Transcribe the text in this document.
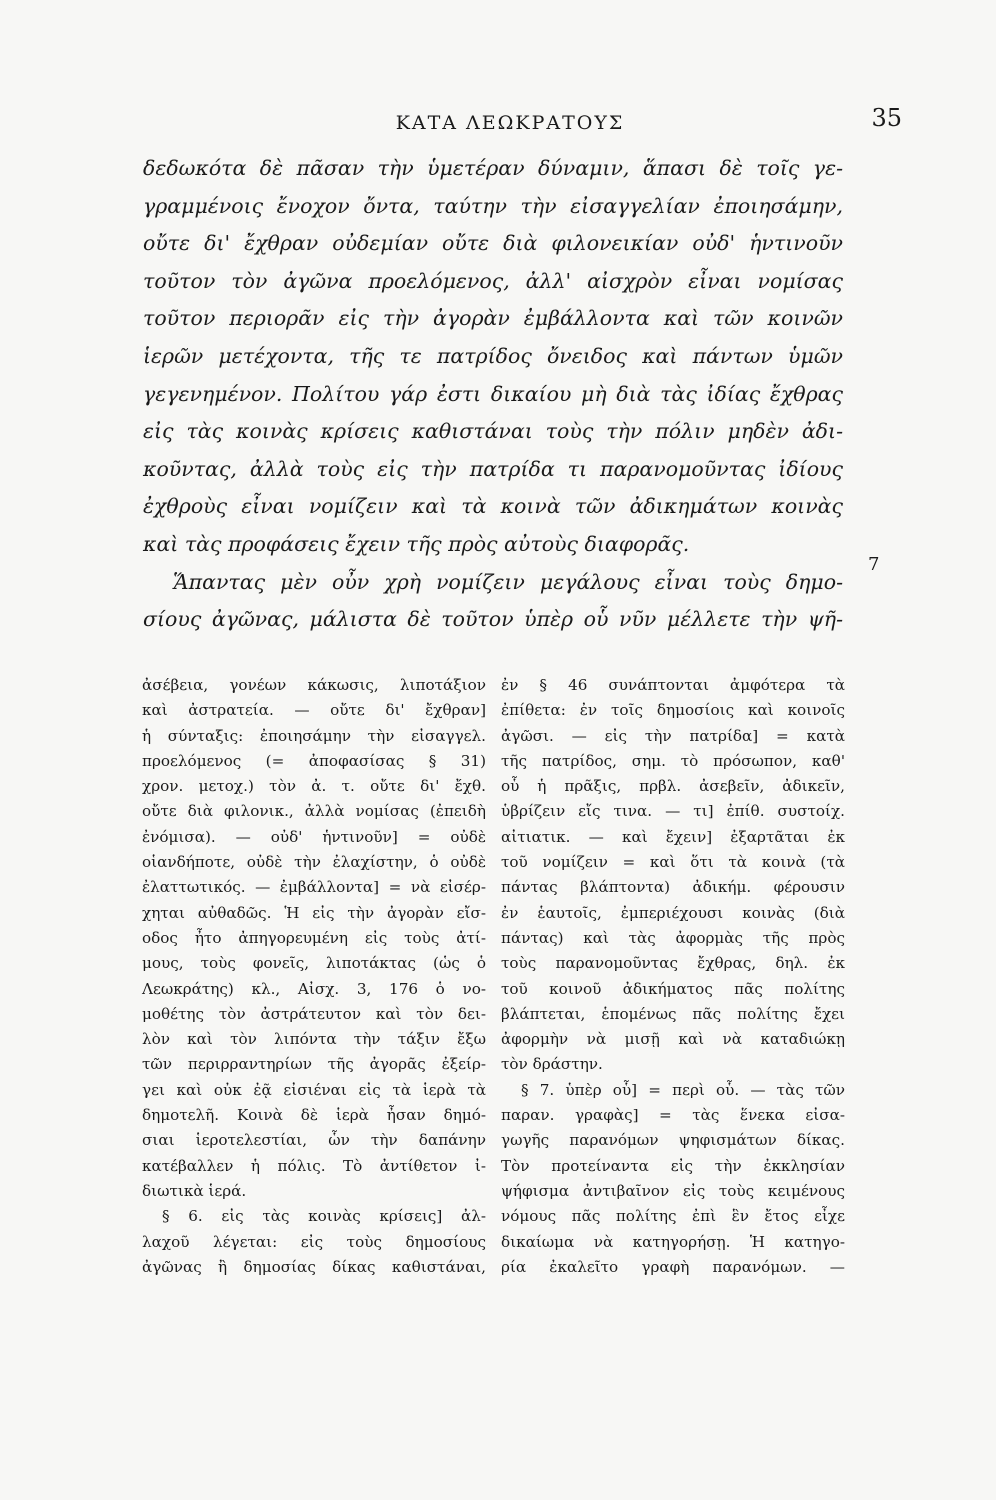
ΚΑΤΑ ΛΕΩΚΡΑΤΟΥΣ	35
δεδωκότα δὲ πᾶσαν τὴν ὑμετέραν δύναμιν, ἅπασι δὲ τοῖς γε-
γραμμένοις ἔνοχον ὄντα, ταύτην τὴν εἰσαγγελίαν ἐποιησάμην,
οὔτε δι' ἔχθραν οὐδεμίαν οὔτε διὰ φιλονεικίαν οὐδ' ἡντινοῦν
τοῦτον τὸν ἀγῶνα προελόμενος, ἀλλ' αἰσχρὸν εἶναι νομίσας
τοῦτον περιορᾶν εἰς τὴν ἀγορὰν ἐμβάλλοντα καὶ τῶν κοινῶν
ἱερῶν μετέχοντα, τῆς τε πατρίδος ὄνειδος καὶ πάντων ὑμῶν
γεγενημένον. Πολίτου γάρ ἐστι δικαίου μὴ διὰ τὰς ἰδίας ἔχθρας
εἰς τὰς κοινὰς κρίσεις καθιστάναι τοὺς τὴν πόλιν μηδὲν ἀδι-
κοῦντας, ἀλλὰ τοὺς εἰς τὴν πατρίδα τι παρανομοῦντας ἰδίους
ἐχθροὺς εἶναι νομίζειν καὶ τὰ κοινὰ τῶν ἀδικημάτων κοινὰς
καὶ τὰς προφάσεις ἔχειν τῆς πρὸς αὐτοὺς διαφορᾶς.
Ἅπαντας μὲν οὖν χρὴ νομίζειν μεγάλους εἶναι τοὺς δημο-
σίους ἀγῶνας, μάλιστα δὲ τοῦτον ὑπὲρ οὗ νῦν μέλλετε τὴν ψῆ-
7
ἀσέβεια, γονέων κάκωσις, λιποτάξιον
καὶ ἀστρατεία. — οὔτε δι' ἔχθραν]
ἡ σύνταξις: ἐποιησάμην τὴν εἰσαγγελ.
προελόμενος (= ἀποφασίσας § 31)
χρον. μετοχ.) τὸν ἀ. τ. οὔτε δι' ἔχθ.
οὔτε διὰ φιλονικ., ἀλλὰ νομίσας (ἐπειδὴ
ἐνόμισα). — οὐδ' ἡντινοῦν] = οὐδὲ
οἱανδήποτε, οὐδὲ τὴν ἐλαχίστην, ὁ οὐδὲ
ἐλαττωτικός. — ἐμβάλλοντα] = νὰ εἰσέρ-
χηται αὐθαδῶς. Ἡ εἰς τὴν ἀγορὰν εἴσ-
οδος ἦτο ἀπηγορευμένη εἰς τοὺς ἀτί-
μους, τοὺς φονεῖς, λιποτάκτας (ὡς ὁ
Λεωκράτης) κλ., Αἰσχ. 3, 176 ὁ νο-
μοθέτης τὸν ἀστράτευτον καὶ τὸν δει-
λὸν καὶ τὸν λιπόντα τὴν τάξιν ἔξω
τῶν περιρραντηρίων τῆς ἀγορᾶς ἐξείρ-
γει καὶ οὐκ ἐᾷ εἰσιέναι εἰς τὰ ἱερὰ τὰ
δημοτελῆ. Κοινὰ δὲ ἱερὰ ἦσαν δημό-
σιαι ἱεροτελεστίαι, ὧν τὴν δαπάνην
κατέβαλλεν ἡ πόλις. Τὸ ἀντίθετον ἰ-
διωτικὰ ἱερά.
§ 6. εἰς τὰς κοινὰς κρίσεις] ἀλ-
λαχοῦ λέγεται: εἰς τοὺς δημοσίους
ἀγῶνας ἢ δημοσίας δίκας καθιστάναι,
ἐν § 46 συνάπτονται ἀμφότερα τὰ
ἐπίθετα: ἐν τοῖς δημοσίοις καὶ κοινοῖς
ἀγῶσι. — εἰς τὴν πατρίδα] = κατὰ
τῆς πατρίδος, σημ. τὸ πρόσωπον, καθ'
οὗ ἡ πρᾶξις, πρβλ. ἀσεβεῖν, ἀδικεῖν,
ὑβρίζειν εἴς τινα. — τι] ἐπίθ. συστοίχ.
αἰτιατικ. — καὶ ἔχειν] ἐξαρτᾶται ἐκ
τοῦ νομίζειν = καὶ ὅτι τὰ κοινὰ (τὰ
πάντας βλάπτοντα) ἀδικήμ. φέρουσιν
ἐν ἑαυτοῖς, ἐμπεριέχουσι κοινὰς (διὰ
πάντας) καὶ τὰς ἀφορμὰς τῆς πρὸς
τοὺς παρανομοῦντας ἔχθρας, δηλ. ἐκ
τοῦ κοινοῦ ἀδικήματος πᾶς πολίτης
βλάπτεται, ἑπομένως πᾶς πολίτης ἔχει
ἀφορμὴν νὰ μισῇ καὶ νὰ καταδιώκῃ
τὸν δράστην.
§ 7. ὑπὲρ οὗ] = περὶ οὗ. — τὰς τῶν
παραν. γραφὰς] = τὰς ἕνεκα εἰσα-
γωγῆς παρανόμων ψηφισμάτων δίκας.
Τὸν προτείναντα εἰς τὴν ἐκκλησίαν
ψήφισμα ἀντιβαῖνον εἰς τοὺς κειμένους
νόμους πᾶς πολίτης ἐπὶ ἓν ἔτος εἶχε
δικαίωμα νὰ κατηγορήσῃ. Ἡ κατηγο-
ρία ἐκαλεῖτο γραφὴ παρανόμων. —
